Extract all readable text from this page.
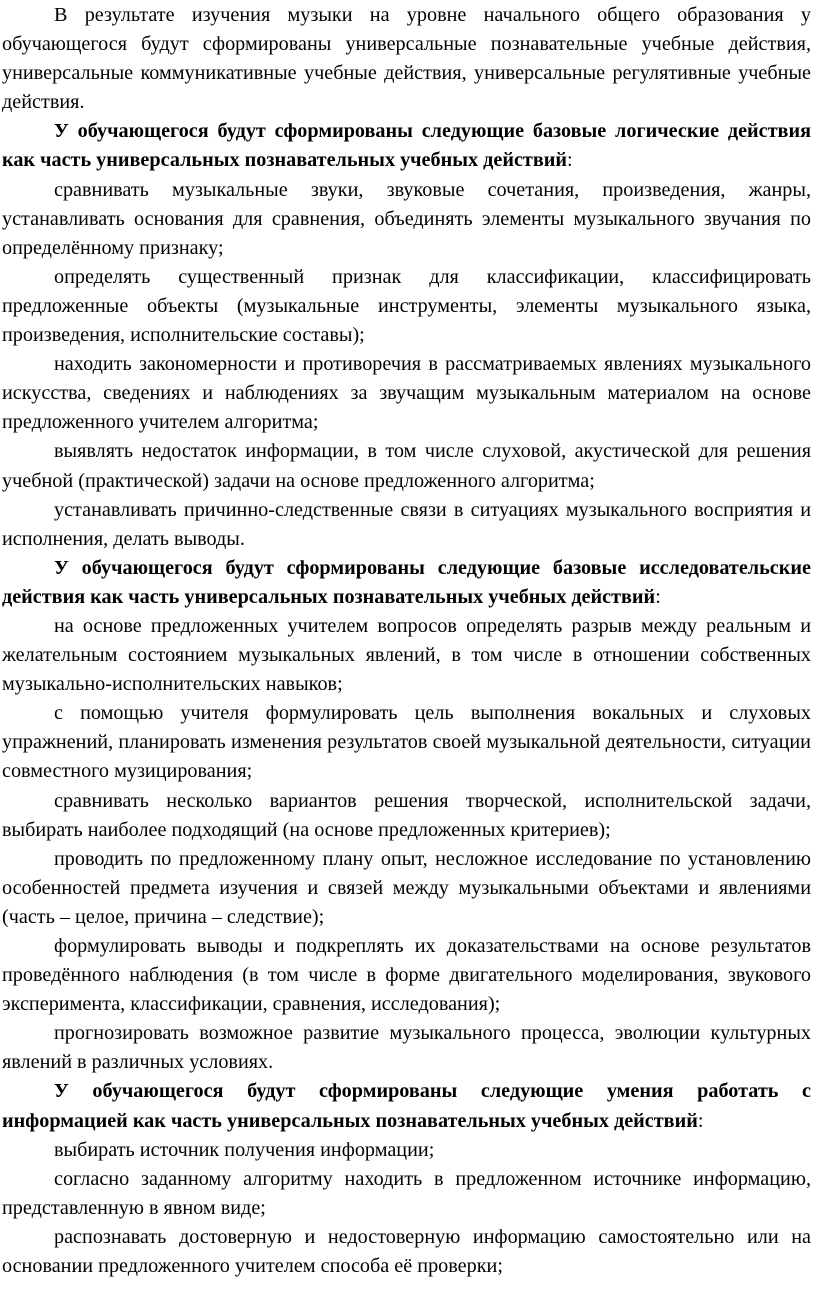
В результате изучения музыки на уровне начального общего образования у обучающегося будут сформированы универсальные познавательные учебные действия, универсальные коммуникативные учебные действия, универсальные регулятивные учебные действия.

У обучающегося будут сформированы следующие базовые логические действия как часть универсальных познавательных учебных действий:

сравнивать музыкальные звуки, звуковые сочетания, произведения, жанры, устанавливать основания для сравнения, объединять элементы музыкального звучания по определённому признаку;

определять существенный признак для классификации, классифицировать предложенные объекты (музыкальные инструменты, элементы музыкального языка, произведения, исполнительские составы);

находить закономерности и противоречия в рассматриваемых явлениях музыкального искусства, сведениях и наблюдениях за звучащим музыкальным материалом на основе предложенного учителем алгоритма;

выявлять недостаток информации, в том числе слуховой, акустической для решения учебной (практической) задачи на основе предложенного алгоритма;

устанавливать причинно-следственные связи в ситуациях музыкального восприятия и исполнения, делать выводы.

У обучающегося будут сформированы следующие базовые исследовательские действия как часть универсальных познавательных учебных действий:

на основе предложенных учителем вопросов определять разрыв между реальным и желательным состоянием музыкальных явлений, в том числе в отношении собственных музыкально-исполнительских навыков;

с помощью учителя формулировать цель выполнения вокальных и слуховых упражнений, планировать изменения результатов своей музыкальной деятельности, ситуации совместного музицирования;

сравнивать несколько вариантов решения творческой, исполнительской задачи, выбирать наиболее подходящий (на основе предложенных критериев);

проводить по предложенному плану опыт, несложное исследование по установлению особенностей предмета изучения и связей между музыкальными объектами и явлениями (часть – целое, причина – следствие);

формулировать выводы и подкреплять их доказательствами на основе результатов проведённого наблюдения (в том числе в форме двигательного моделирования, звукового эксперимента, классификации, сравнения, исследования);

прогнозировать возможное развитие музыкального процесса, эволюции культурных явлений в различных условиях.

У обучающегося будут сформированы следующие умения работать с информацией как часть универсальных познавательных учебных действий:

выбирать источник получения информации;

согласно заданному алгоритму находить в предложенном источнике информацию, представленную в явном виде;

распознавать достоверную и недостоверную информацию самостоятельно или на основании предложенного учителем способа её проверки;
